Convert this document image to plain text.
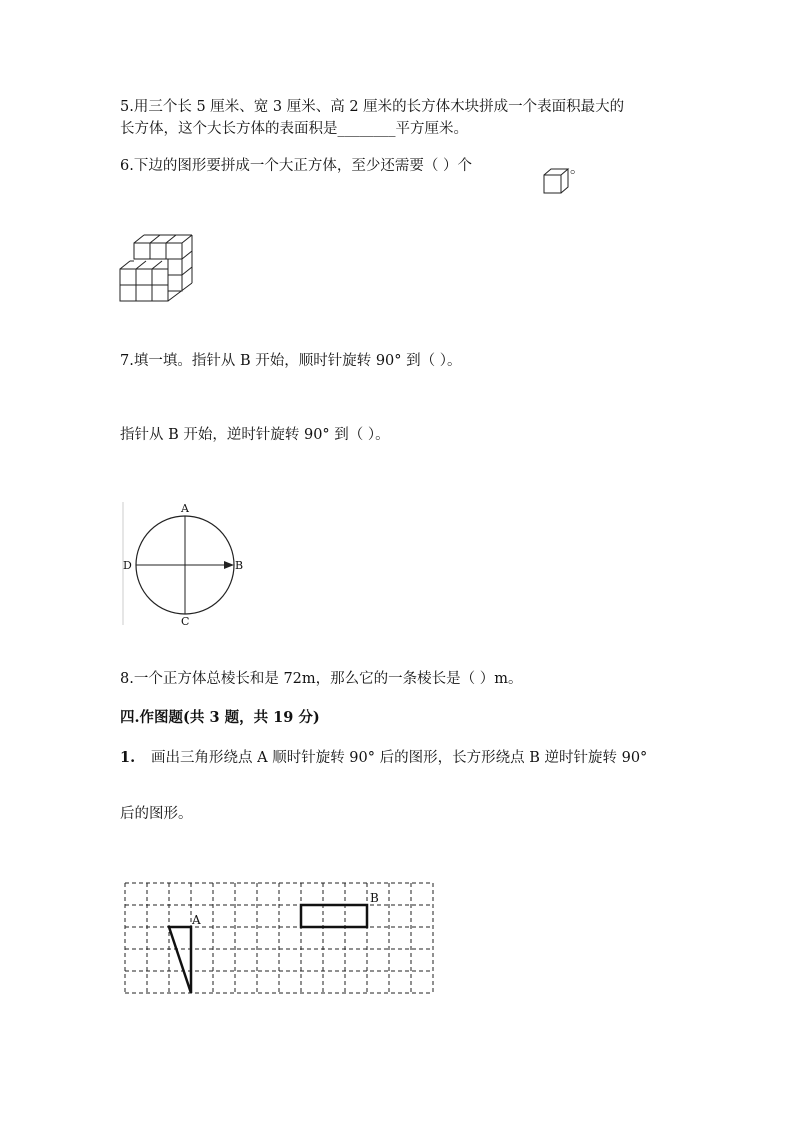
5.用三个长 5 厘米、宽 3 厘米、高 2 厘米的长方体木块拼成一个表面积最大的
长方体，这个大长方体的表面积是________平方厘米。
6.下边的图形要拼成一个大正方体，至少还需要（ ）个	。
7.填一填。指针从 B 开始，顺时针旋转 90° 到（ ）。
指针从 B 开始，逆时针旋转 90° 到（ ）。
A
B
C
D
8.一个正方体总棱长和是 72m，那么它的一条棱长是（ ）m。
四.作图题(共 3 题，共 19 分)
1. 画出三角形绕点 A 顺时针旋转 90° 后的图形，长方形绕点 B 逆时针旋转 90°
后的图形。
A
B
